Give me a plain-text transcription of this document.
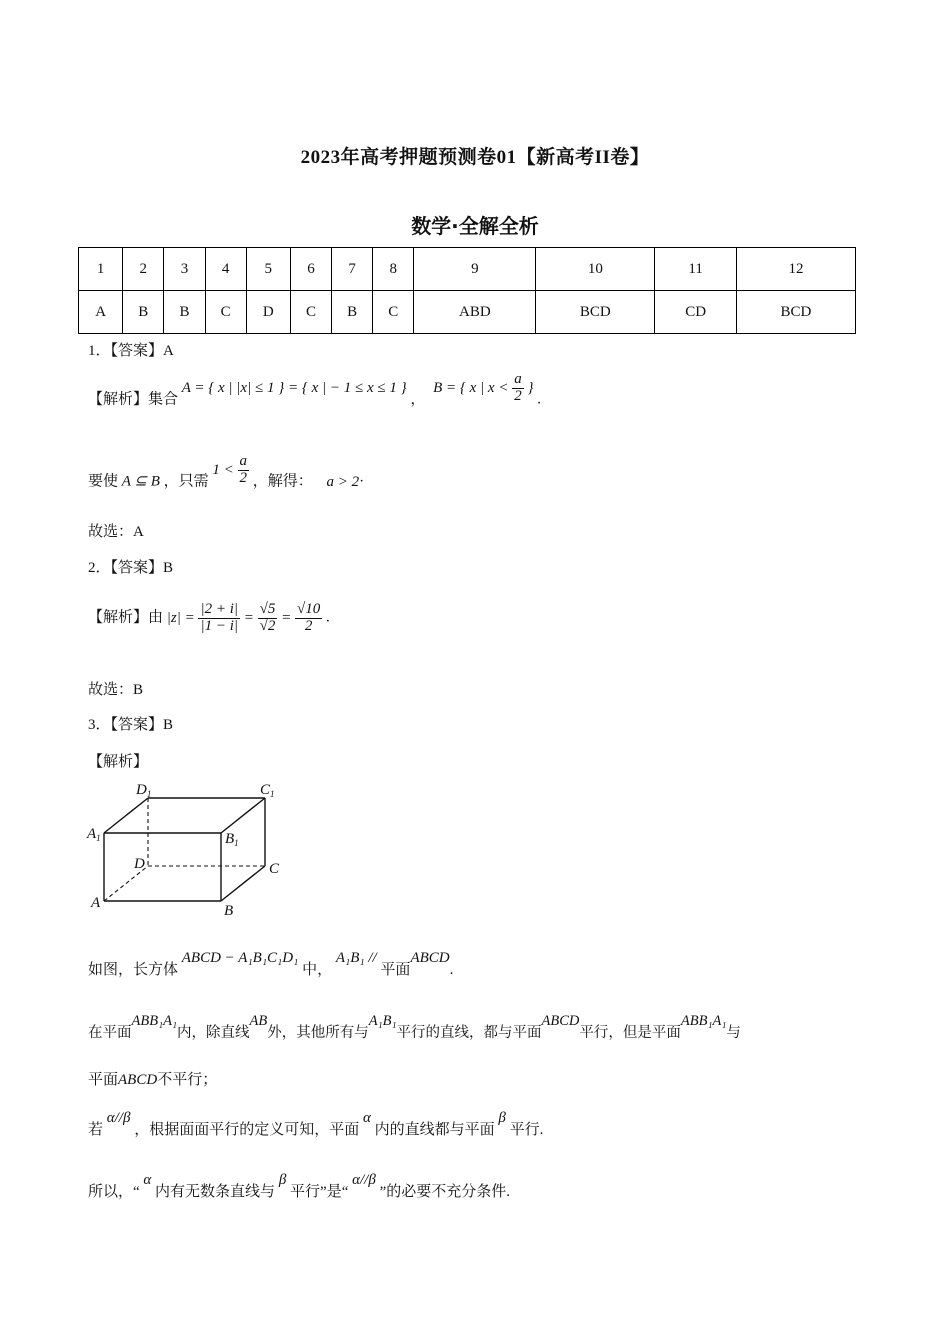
2023年高考押题预测卷01【新高考II卷】
数学·全解全析
1	2	3	4	5	6	7	8	9	10	11	12
A	B	B	C	D	C	B	C	ABD	BCD	CD	BCD
1．【答案】A
【解析】集合 A = { x | |x| ≤ 1 } = { x | − 1 ≤ x ≤ 1 } ， B = { x | $x < \frac{a}{2}$ } .
要使 A ⊆ B ，只需 $1 < \frac{a}{2}$ ，解得： a > 2·
故选：A
2．【答案】B
【解析】由 $|z| = \frac{|2 + i|}{|1 - i|} = \frac{√5}{√2} = \frac{√10}{2}$ .
故选：B
3．【答案】B
【解析】
$D_1$	$C_1$
$A_1$	$B_1$
D	C
A	B
如图，长方体 ABCD − A₁B₁C₁D₁ 中， A₁B₁ // 平面ABCD.
在平面ABB₁A₁内，除直线AB外，其他所有与A₁B₁平行的直线，都与平面ABCD平行，但是平面ABB₁A₁与
平面ABCD不平行；
若 α//β ，根据面面平行的定义可知，平面 α 内的直线都与平面 β 平行.
所以，“ α 内有无数条直线与 β 平行”是“ α//β ”的必要不充分条件.
